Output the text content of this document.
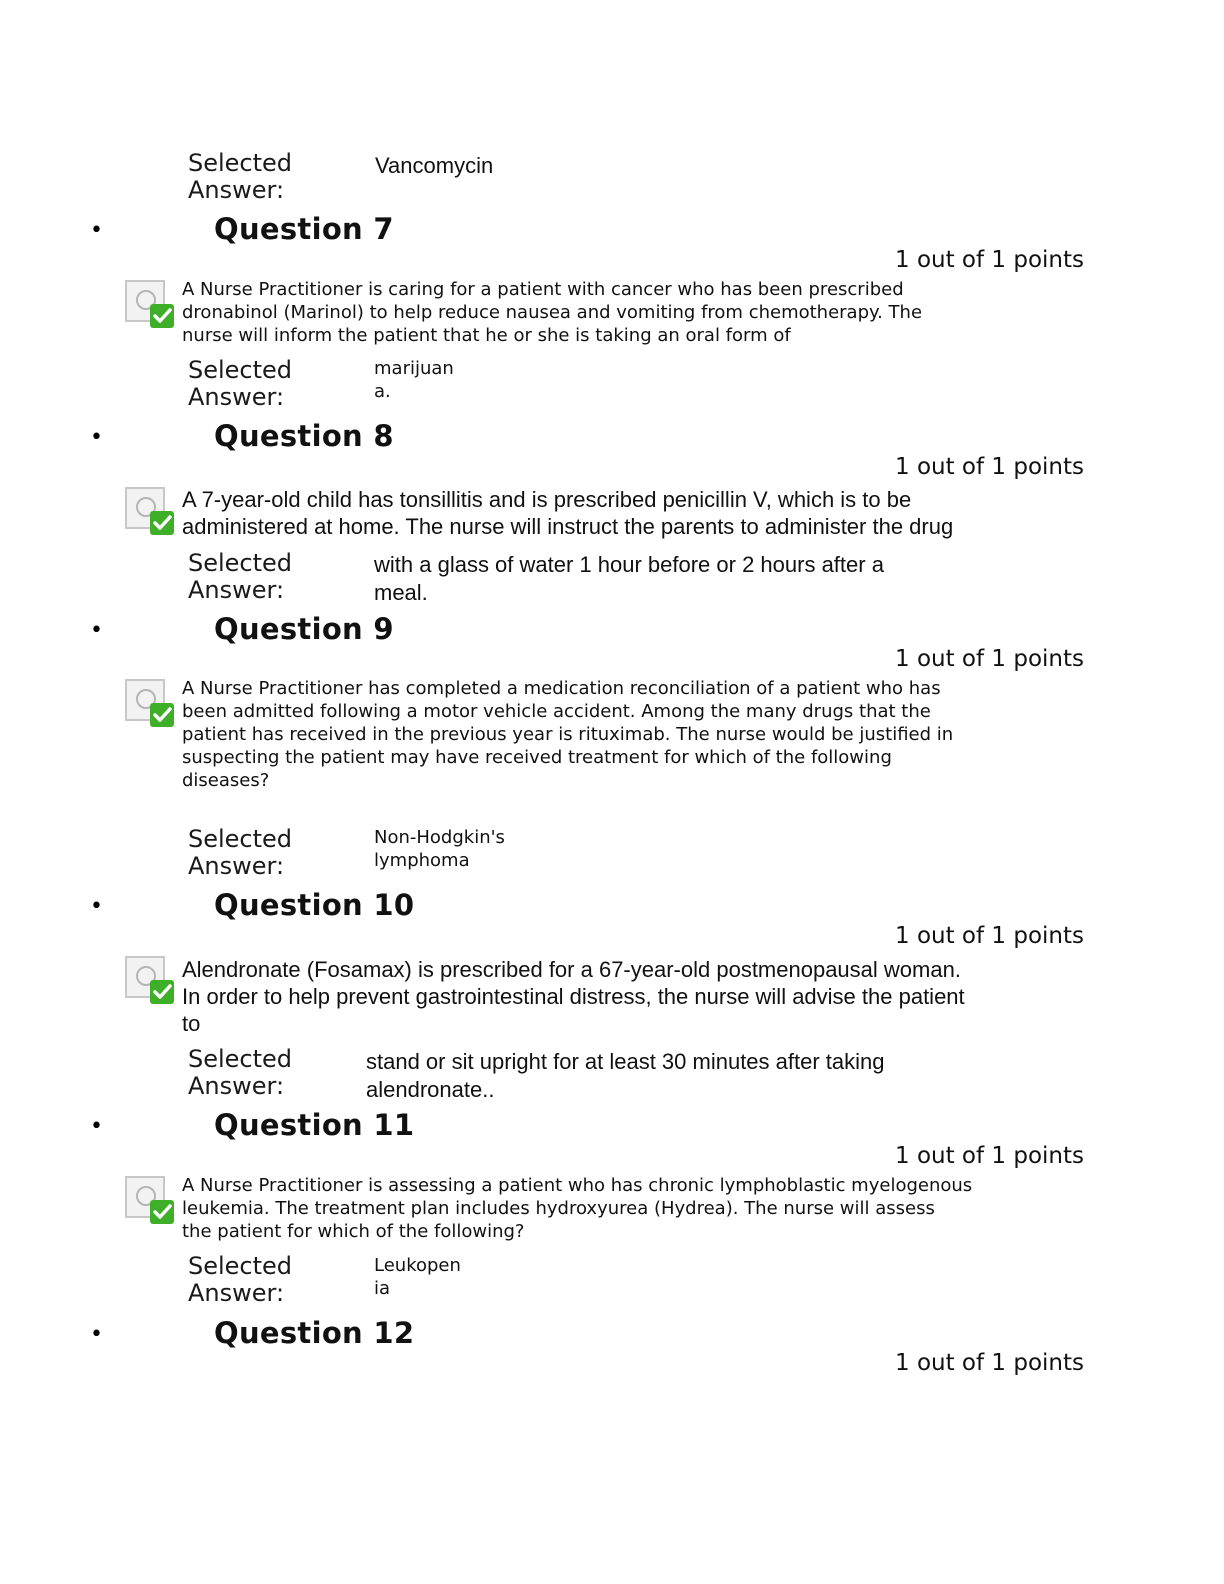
Selected
Answer:
Vancomycin
•	Question 7
1 out of 1 points
A Nurse Practitioner is caring for a patient with cancer who has been prescribed
dronabinol (Marinol) to help reduce nausea and vomiting from chemotherapy. The
nurse will inform the patient that he or she is taking an oral form of
Selected
Answer:
marijuan
a.
•	Question 8
1 out of 1 points
A 7-year-old child has tonsillitis and is prescribed penicillin V, which is to be
administered at home. The nurse will instruct the parents to administer the drug
Selected
Answer:
with a glass of water 1 hour before or 2 hours after a
meal.
•	Question 9
1 out of 1 points
A Nurse Practitioner has completed a medication reconciliation of a patient who has
been admitted following a motor vehicle accident. Among the many drugs that the
patient has received in the previous year is rituximab. The nurse would be justified in
suspecting the patient may have received treatment for which of the following
diseases?
Selected
Answer:
Non-Hodgkin's
lymphoma
•	Question 10
1 out of 1 points
Alendronate (Fosamax) is prescribed for a 67-year-old postmenopausal woman.
In order to help prevent gastrointestinal distress, the nurse will advise the patient
to
Selected
Answer:
stand or sit upright for at least 30 minutes after taking
alendronate..
•	Question 11
1 out of 1 points
A Nurse Practitioner is assessing a patient who has chronic lymphoblastic myelogenous
leukemia. The treatment plan includes hydroxyurea (Hydrea). The nurse will assess
the patient for which of the following?
Selected
Answer:
Leukopen
ia
•	Question 12
1 out of 1 points
